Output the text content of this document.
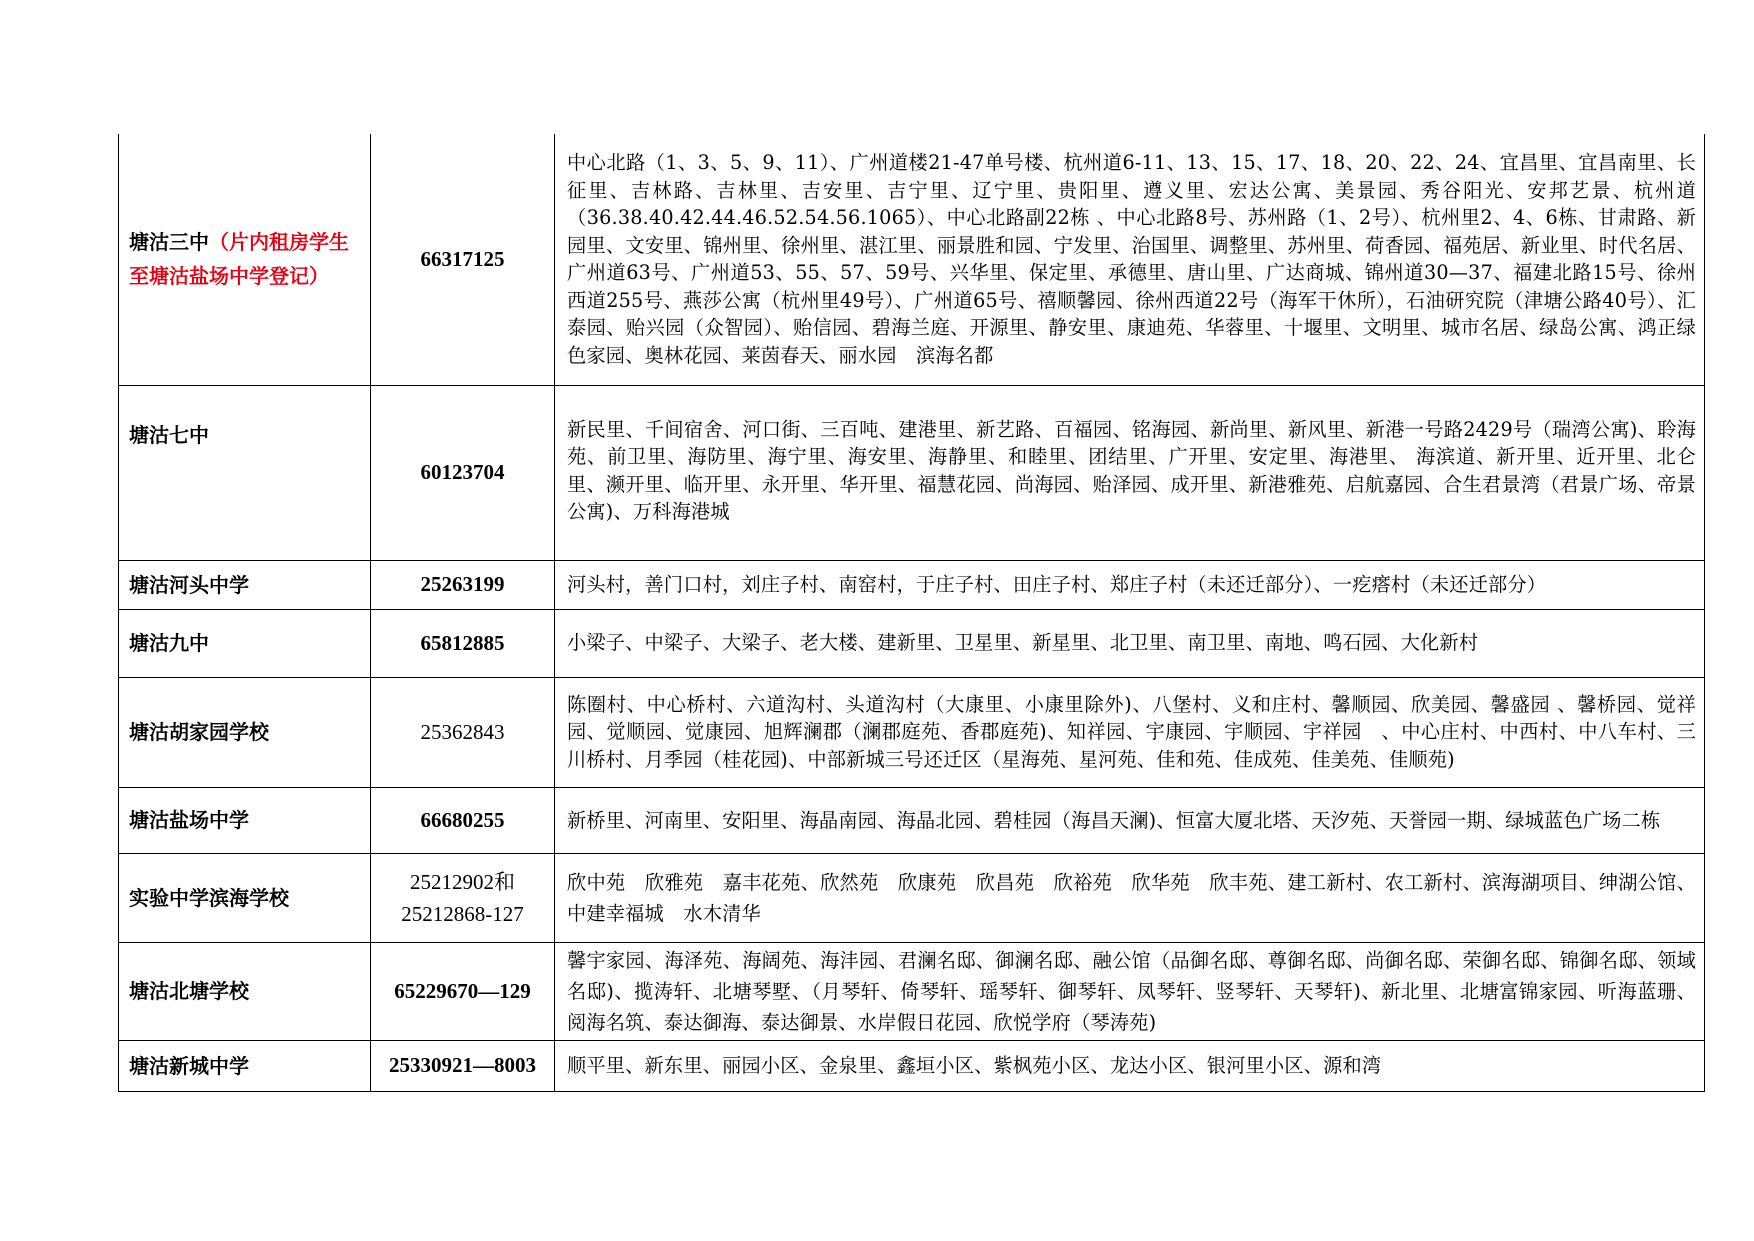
塘沽三中（片内租房学生至塘沽盐场中学登记）	66317125	中心北路（1、3、5、9、11）、广州道楼21-47单号楼、杭州道6-11、13、15、17、18、20、22、24、宜昌里、宜昌南里、长征里、吉林路、吉林里、吉安里、吉宁里、辽宁里、贵阳里、遵义里、宏达公寓、美景园、秀谷阳光、安邦艺景、杭州道（36.38.40.42.44.46.52.54.56.1065）、中心北路副22栋 、中心北路8号、苏州路（1、2号）、杭州里2、4、6栋、甘肃路、新园里、文安里、锦州里、徐州里、湛江里、丽景胜和园、宁发里、治国里、调整里、苏州里、荷香园、福苑居、新业里、时代名居、广州道63号、广州道53、55、57、59号、兴华里、保定里、承德里、唐山里、广达商城、锦州道30—37、福建北路15号、徐州西道255号、燕莎公寓（杭州里49号）、广州道65号、禧顺馨园、徐州西道22号（海军干休所），石油研究院（津塘公路40号）、汇泰园、贻兴园（众智园）、贻信园、碧海兰庭、开源里、静安里、康迪苑、华蓉里、十堰里、文明里、城市名居、绿岛公寓、鸿正绿色家园、奥林花园、莱茵春天、丽水园　滨海名都
塘沽七中	60123704	新民里、千间宿舍、河口街、三百吨、建港里、新艺路、百福园、铭海园、新尚里、新风里、新港一号路2429号（瑞湾公寓)、聆海苑、前卫里、海防里、海宁里、海安里、海静里、和睦里、团结里、广开里、安定里、海港里、 海滨道、新开里、近开里、北仑里、濒开里、临开里、永开里、华开里、福慧花园、尚海园、贻泽园、成开里、新港雅苑、启航嘉园、合生君景湾（君景广场、帝景公寓)、万科海港城
塘沽河头中学	25263199	河头村，善门口村，刘庄子村、南窑村，于庄子村、田庄子村、郑庄子村（未还迁部分）、一疙瘩村（未还迁部分）
塘沽九中	65812885	小梁子、中梁子、大梁子、老大楼、建新里、卫星里、新星里、北卫里、南卫里、南地、鸣石园、大化新村
塘沽胡家园学校	25362843	陈圈村、中心桥村、六道沟村、头道沟村（大康里、小康里除外)、八堡村、义和庄村、馨顺园、欣美园、馨盛园 、馨桥园、觉祥园、觉顺园、觉康园、旭辉澜郡（澜郡庭苑、香郡庭苑)、知祥园、宇康园、宇顺园、宇祥园　、中心庄村、中西村、中八车村、三川桥村、月季园（桂花园)、中部新城三号还迁区（星海苑、星河苑、佳和苑、佳成苑、佳美苑、佳顺苑)
塘沽盐场中学	66680255	新桥里、河南里、安阳里、海晶南园、海晶北园、碧桂园（海昌天澜)、恒富大厦北塔、天汐苑、天誉园一期、绿城蓝色广场二栋
实验中学滨海学校	25212902和25212868-127	欣中苑　欣雅苑　嘉丰花苑、欣然苑　欣康苑　欣昌苑　欣裕苑　欣华苑　欣丰苑、建工新村、农工新村、滨海湖项目、绅湖公馆、中建幸福城　水木清华
塘沽北塘学校	65229670—129	馨宇家园、海泽苑、海阔苑、海沣园、君澜名邸、御澜名邸、融公馆（品御名邸、尊御名邸、尚御名邸、荣御名邸、锦御名邸、领域名邸)、揽涛轩、北塘琴墅、（月琴轩、倚琴轩、瑶琴轩、御琴轩、凤琴轩、竖琴轩、天琴轩)、新北里、北塘富锦家园、听海蓝珊、阅海名筑、泰达御海、泰达御景、水岸假日花园、欣悦学府（琴涛苑)
塘沽新城中学	25330921—8003	顺平里、新东里、丽园小区、金泉里、鑫垣小区、紫枫苑小区、龙达小区、银河里小区、源和湾
